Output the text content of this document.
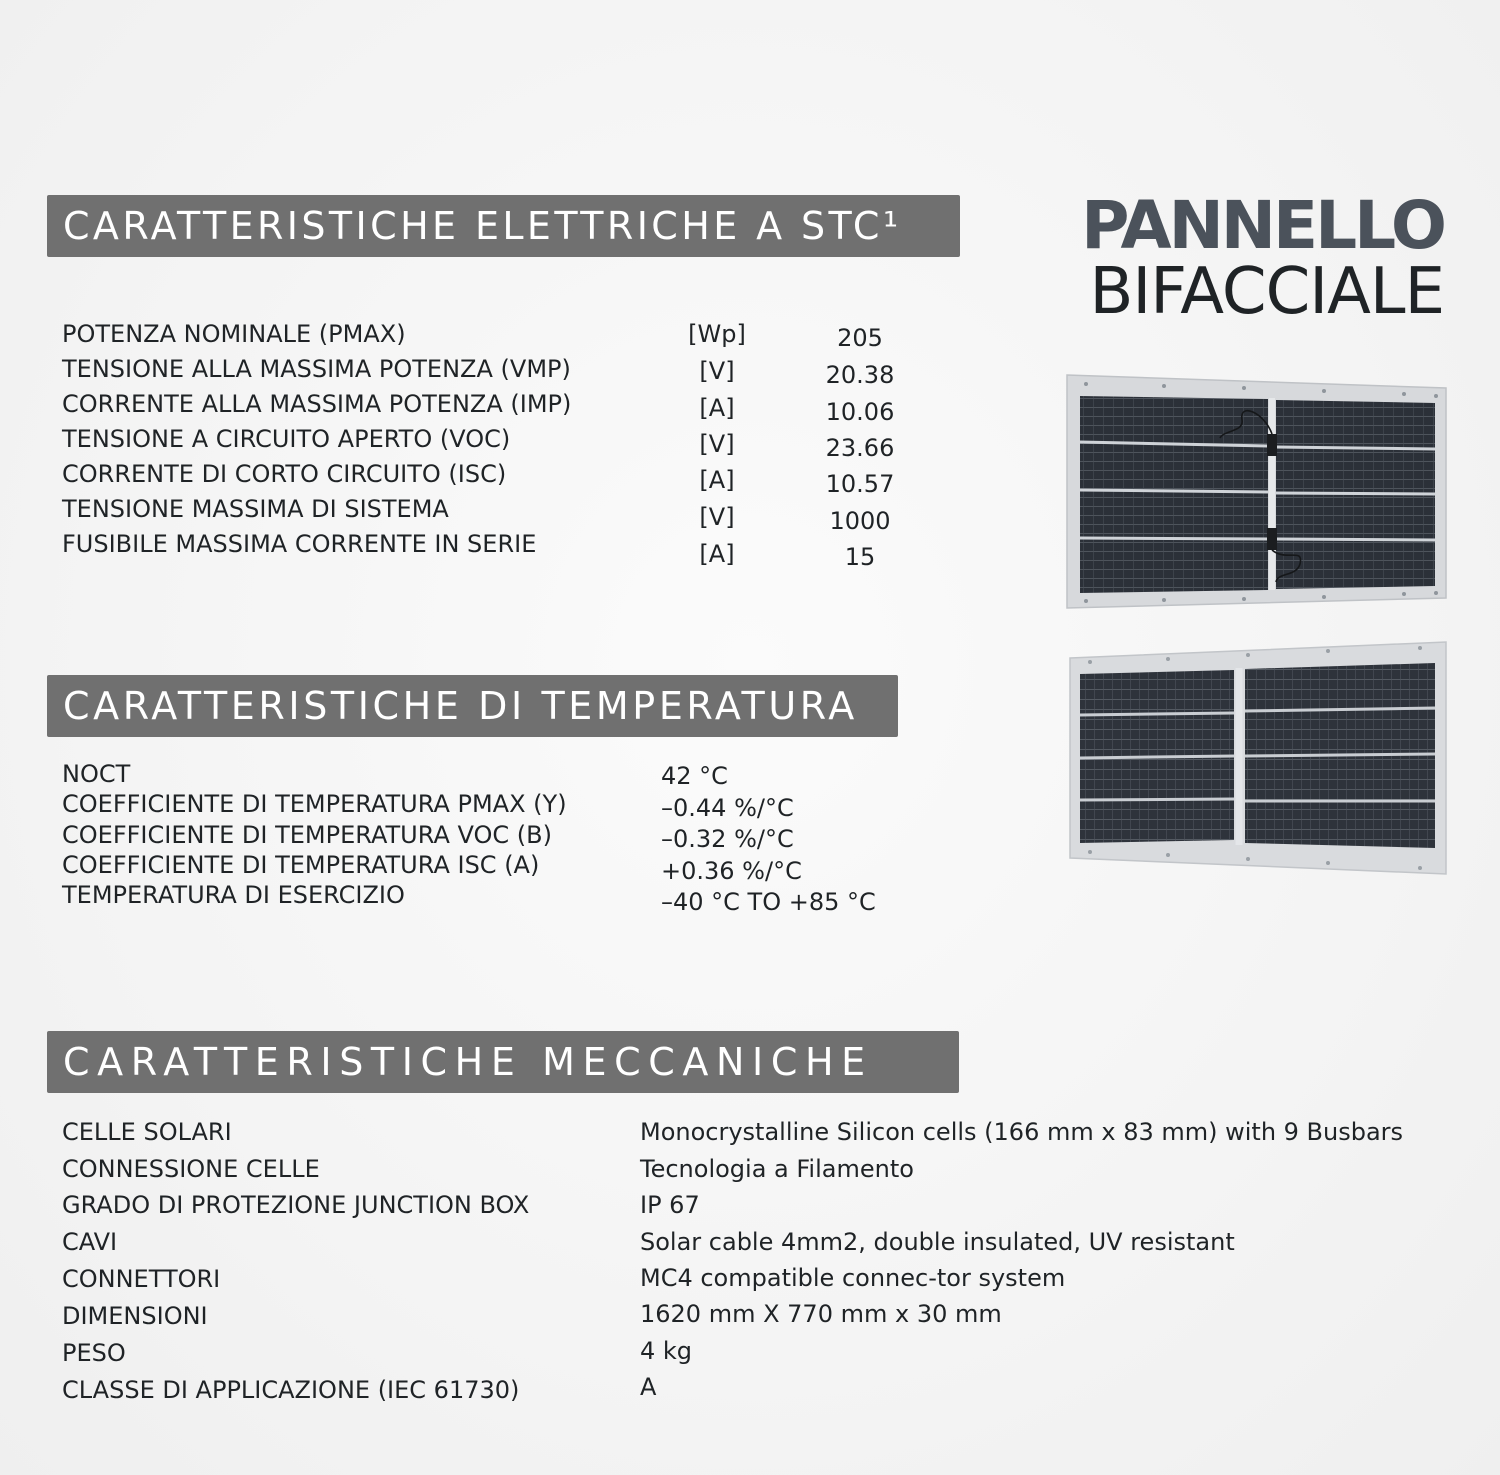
CARATTERISTICHE ELETTRICHE A STC¹
CARATTERISTICHE DI TEMPERATURA
CARATTERISTICHE MECCANICHE
PANNELLO
BIFACCIALE
POTENZA NOMINALE (PMAX)	[Wp]	205
TENSIONE ALLA MASSIMA POTENZA (VMP)	[V]	20.38
CORRENTE ALLA MASSIMA POTENZA (IMP)	[A]	10.06
TENSIONE A CIRCUITO APERTO (VOC)	[V]	23.66
CORRENTE DI CORTO CIRCUITO (ISC)	[A]	10.57
TENSIONE MASSIMA DI SISTEMA	[V]	1000
FUSIBILE MASSIMA CORRENTE IN SERIE	[A]	15
NOCT	42 °C
COEFFICIENTE DI TEMPERATURA PMAX (Y)	–0.44 %/°C
COEFFICIENTE DI TEMPERATURA VOC (B)	–0.32 %/°C
COEFFICIENTE DI TEMPERATURA ISC (A)	+0.36 %/°C
TEMPERATURA DI ESERCIZIO	–40 °C TO +85 °C
CELLE SOLARI	Monocrystalline Silicon cells (166 mm x 83 mm) with 9 Busbars
CONNESSIONE CELLE	Tecnologia a Filamento
GRADO DI PROTEZIONE JUNCTION BOX	IP 67
CAVI	Solar cable 4mm2, double insulated, UV resistant
CONNETTORI	MC4 compatible connec-tor system
DIMENSIONI	1620 mm X 770 mm x 30 mm
PESO	4 kg
CLASSE DI APPLICAZIONE (IEC 61730)	A
